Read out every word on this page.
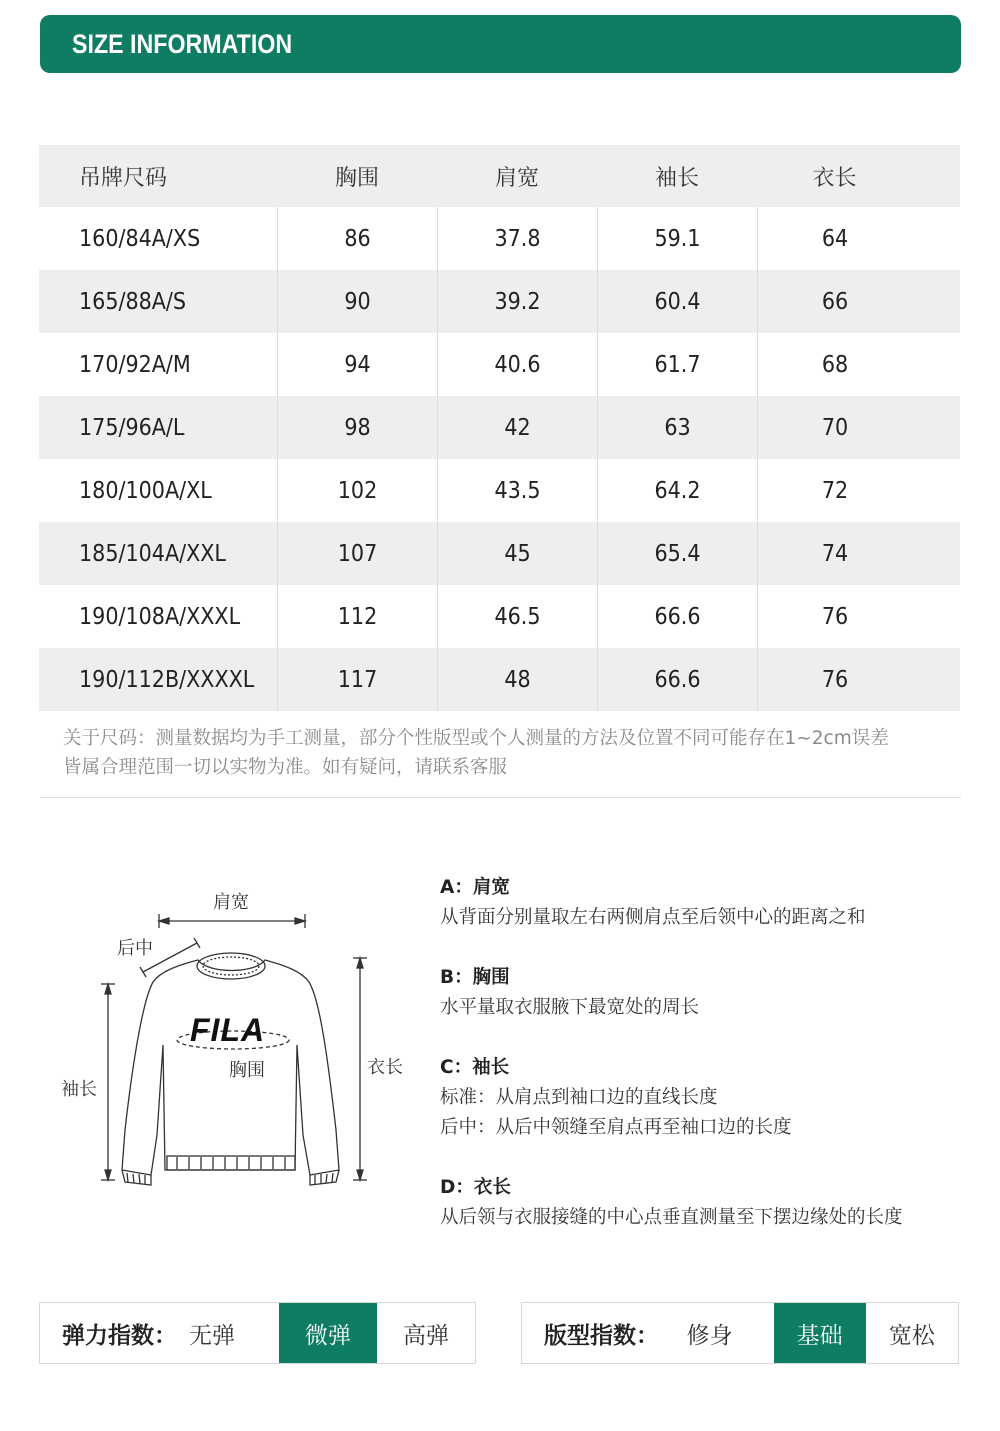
SIZE INFORMATION
吊牌尺码	胸围	肩宽	袖长	衣长
160/84A/XS	86	37.8	59.1	64
165/88A/S	90	39.2	60.4	66
170/92A/M	94	40.6	61.7	68
175/96A/L	98	42	63	70
180/100A/XL	102	43.5	64.2	72
185/104A/XXL	107	45	65.4	74
190/108A/XXXL	112	46.5	66.6	76
190/112B/XXXXL	117	48	66.6	76
关于尺码：测量数据均为手工测量，部分个性版型或个人测量的方法及位置不同可能存在1~2cm误差
皆属合理范围一切以实物为准。如有疑问，请联系客服
FILA
肩宽
后中
胸围
袖长
衣长
A：肩宽
从背面分别量取左右两侧肩点至后领中心的距离之和
B：胸围
水平量取衣服腋下最宽处的周长
C：袖长
标准：从肩点到袖口边的直线长度
后中：从后中领缝至肩点再至袖口边的长度
D：衣长
从后领与衣服接缝的中心点垂直测量至下摆边缘处的长度
弹力指数： 无弹	微弹	高弹	版型指数：	修身	基础	宽松
